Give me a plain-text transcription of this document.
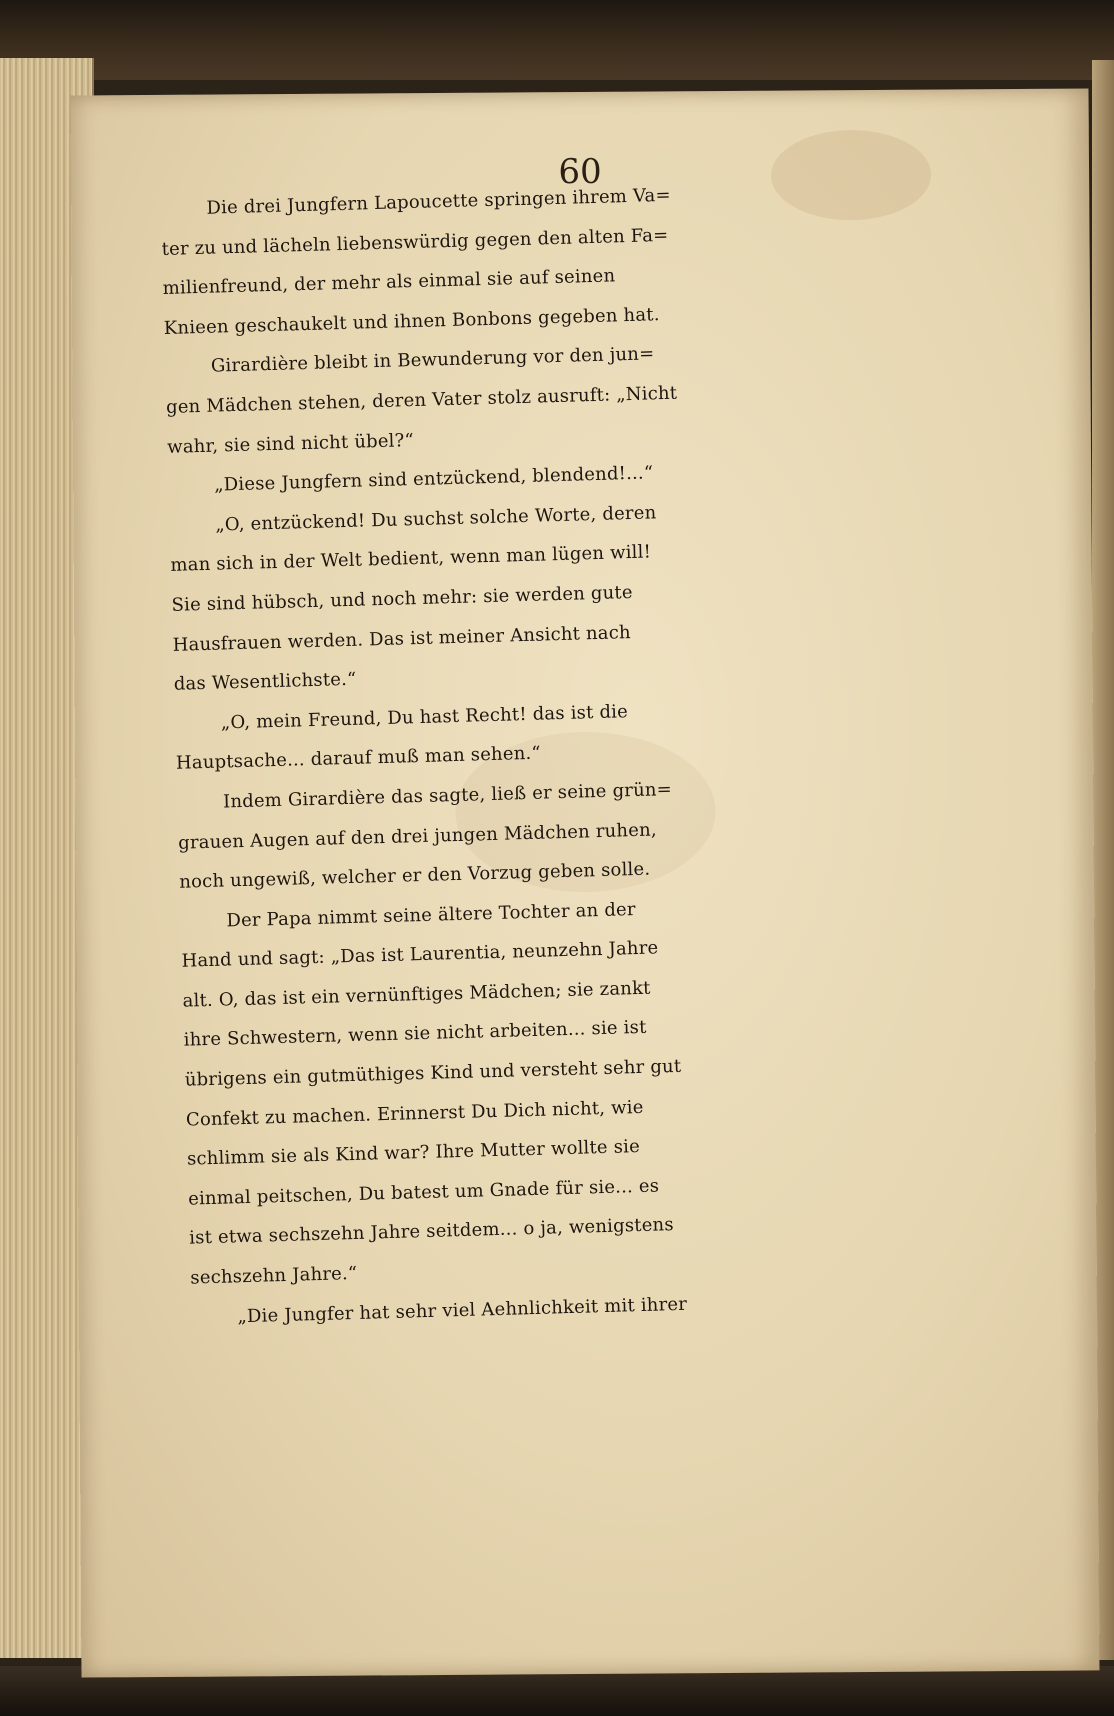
60
Die drei Jungfern Lapoucette springen ihrem Va=
ter zu und lächeln liebenswürdig gegen den alten Fa=
milienfreund, der mehr als einmal sie auf seinen
Knieen geschaukelt und ihnen Bonbons gegeben hat.
Girardière bleibt in Bewunderung vor den jun=
gen Mädchen stehen, deren Vater stolz ausruft: „Nicht
wahr, sie sind nicht übel?“
„Diese Jungfern sind entzückend, blendend!...“
„O, entzückend! Du suchst solche Worte, deren
man sich in der Welt bedient, wenn man lügen will!
Sie sind hübsch, und noch mehr: sie werden gute
Hausfrauen werden. Das ist meiner Ansicht nach
das Wesentlichste.“
„O, mein Freund, Du hast Recht! das ist die
Hauptsache... darauf muß man sehen.“
Indem Girardière das sagte, ließ er seine grün=
grauen Augen auf den drei jungen Mädchen ruhen,
noch ungewiß, welcher er den Vorzug geben solle.
Der Papa nimmt seine ältere Tochter an der
Hand und sagt: „Das ist Laurentia, neunzehn Jahre
alt. O, das ist ein vernünftiges Mädchen; sie zankt
ihre Schwestern, wenn sie nicht arbeiten... sie ist
übrigens ein gutmüthiges Kind und versteht sehr gut
Confekt zu machen. Erinnerst Du Dich nicht, wie
schlimm sie als Kind war? Ihre Mutter wollte sie
einmal peitschen, Du batest um Gnade für sie... es
ist etwa sechszehn Jahre seitdem... o ja, wenigstens
sechszehn Jahre.“
„Die Jungfer hat sehr viel Aehnlichkeit mit ihrer
